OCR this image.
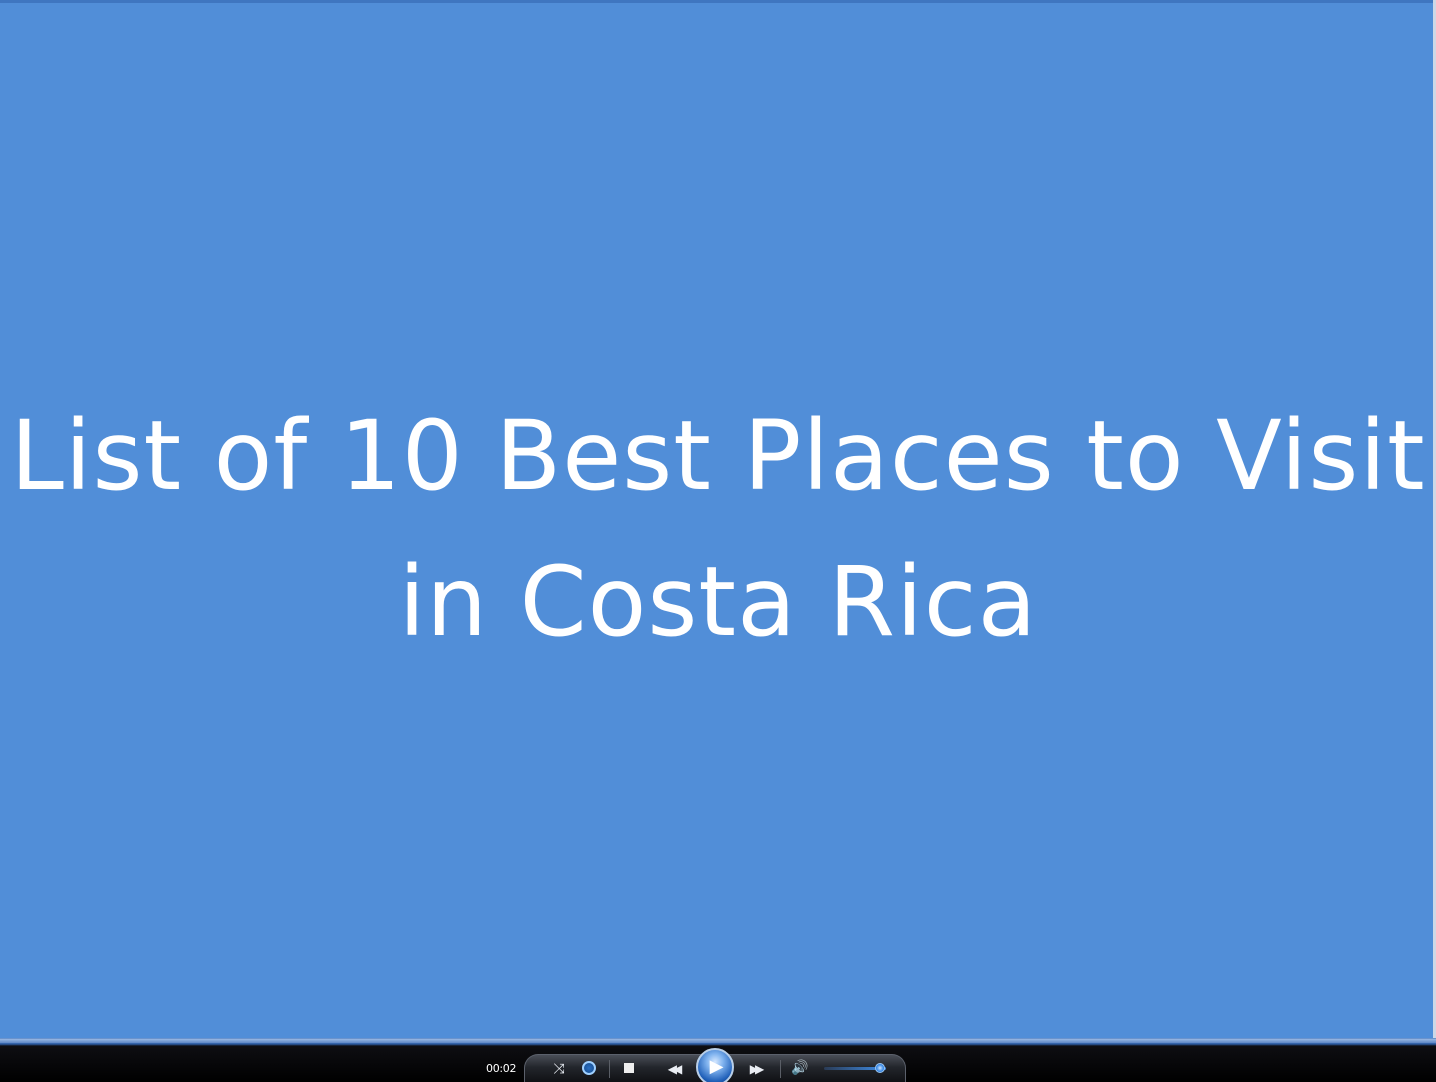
List of 10 Best Places to Visit
in Costa Rica
00:02	⤨	◀◀	▶	▶▶	🔊
